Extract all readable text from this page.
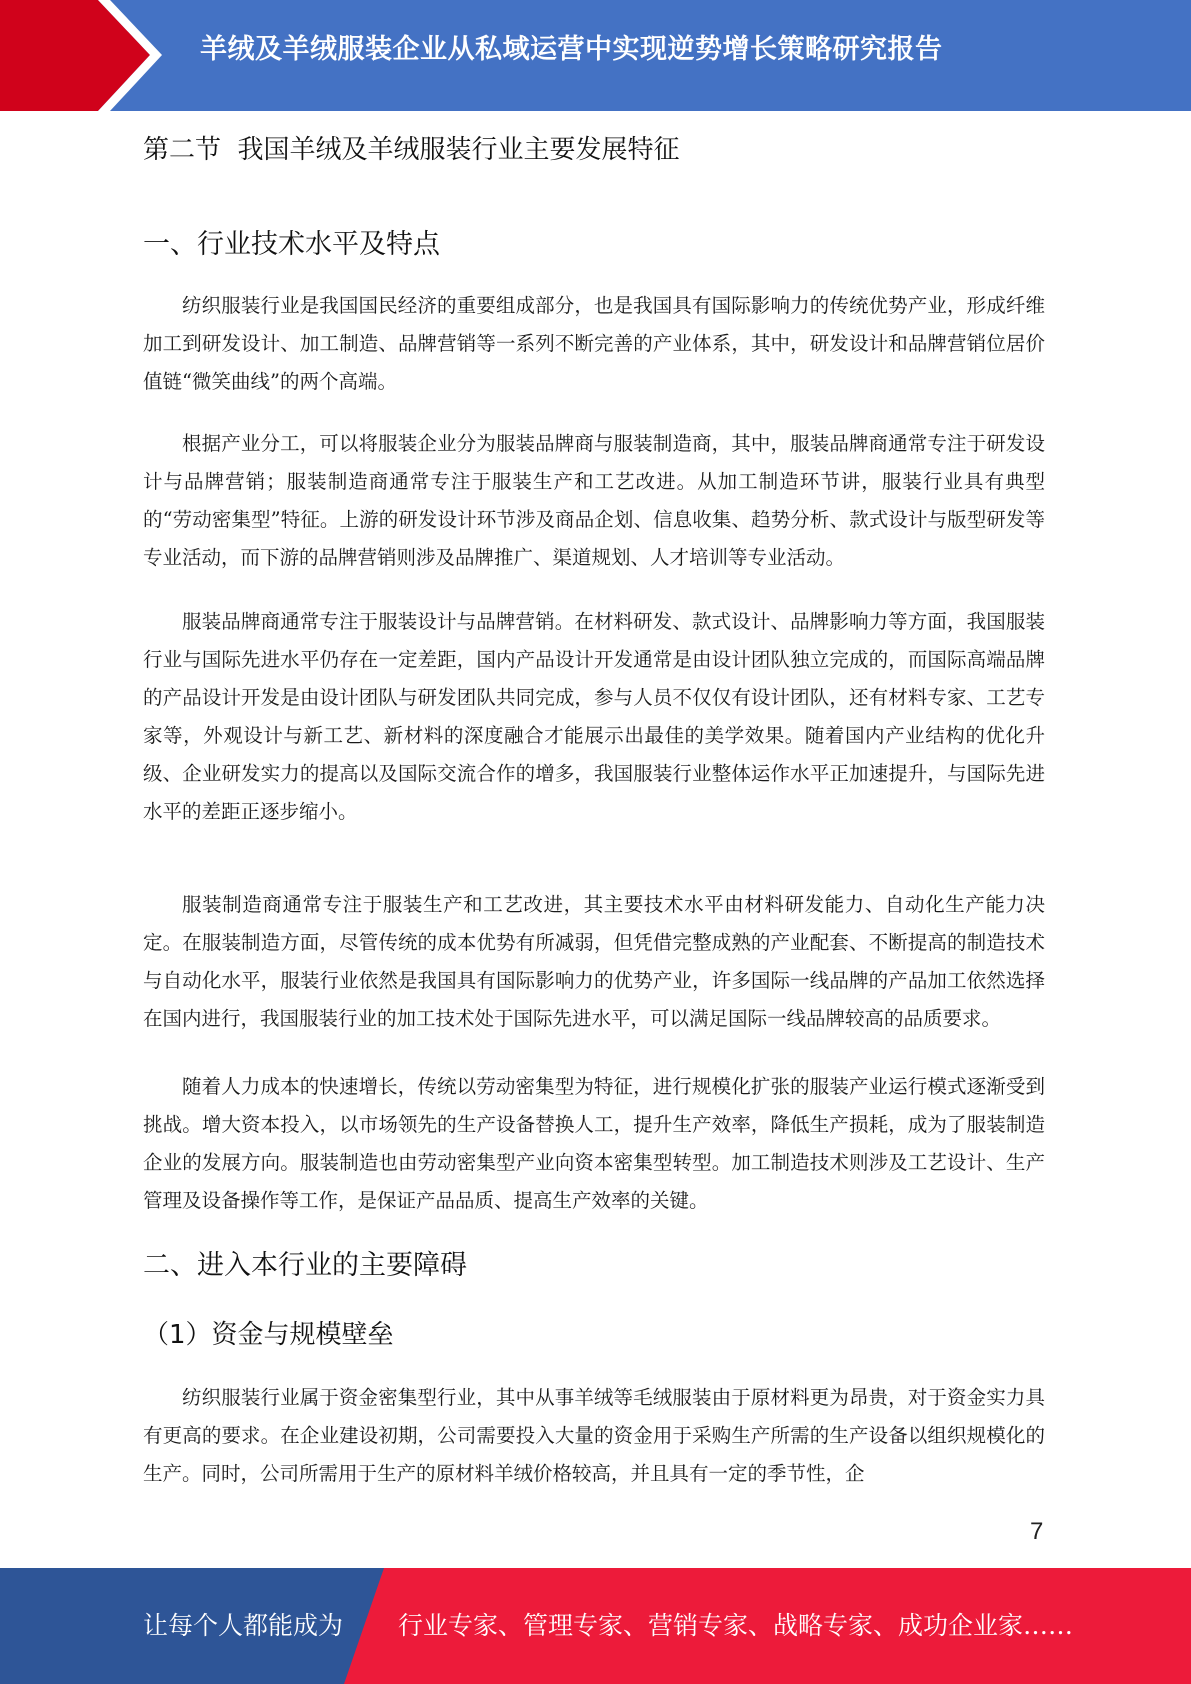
羊绒及羊绒服装企业从私域运营中实现逆势增长策略研究报告
第二节  我国羊绒及羊绒服装行业主要发展特征
一、行业技术水平及特点

纺织服装行业是我国国民经济的重要组成部分，也是我国具有国际影响力的传统优势产业，形成纤维加工到研发设计、加工制造、品牌营销等一系列不断完善的产业体系，其中，研发设计和品牌营销位居价值链“微笑曲线”的两个高端。

根据产业分工，可以将服装企业分为服装品牌商与服装制造商，其中，服装品牌商通常专注于研发设计与品牌营销；服装制造商通常专注于服装生产和工艺改进。从加工制造环节讲，服装行业具有典型的“劳动密集型”特征。上游的研发设计环节涉及商品企划、信息收集、趋势分析、款式设计与版型研发等专业活动，而下游的品牌营销则涉及品牌推广、渠道规划、人才培训等专业活动。

服装品牌商通常专注于服装设计与品牌营销。在材料研发、款式设计、品牌影响力等方面，我国服装行业与国际先进水平仍存在一定差距，国内产品设计开发通常是由设计团队独立完成的，而国际高端品牌的产品设计开发是由设计团队与研发团队共同完成，参与人员不仅仅有设计团队，还有材料专家、工艺专家等，外观设计与新工艺、新材料的深度融合才能展示出最佳的美学效果。随着国内产业结构的优化升级、企业研发实力的提高以及国际交流合作的增多，我国服装行业整体运作水平正加速提升，与国际先进水平的差距正逐步缩小。

服装制造商通常专注于服装生产和工艺改进，其主要技术水平由材料研发能力、自动化生产能力决定。在服装制造方面，尽管传统的成本优势有所减弱，但凭借完整成熟的产业配套、不断提高的制造技术与自动化水平，服装行业依然是我国具有国际影响力的优势产业，许多国际一线品牌的产品加工依然选择在国内进行，我国服装行业的加工技术处于国际先进水平，可以满足国际一线品牌较高的品质要求。

随着人力成本的快速增长，传统以劳动密集型为特征，进行规模化扩张的服装产业运行模式逐渐受到挑战。增大资本投入，以市场领先的生产设备替换人工，提升生产效率，降低生产损耗，成为了服装制造企业的发展方向。服装制造也由劳动密集型产业向资本密集型转型。加工制造技术则涉及工艺设计、生产管理及设备操作等工作，是保证产品品质、提高生产效率的关键。

二、进入本行业的主要障碍
（1）资金与规模壁垒

纺织服装行业属于资金密集型行业，其中从事羊绒等毛绒服装由于原材料更为昂贵，对于资金实力具有更高的要求。在企业建设初期，公司需要投入大量的资金用于采购生产所需的生产设备以组织规模化的生产。同时，公司所需用于生产的原材料羊绒价格较高，并且具有一定的季节性，企

7
让每个人都能成为 行业专家、管理专家、营销专家、战略专家、成功企业家……
